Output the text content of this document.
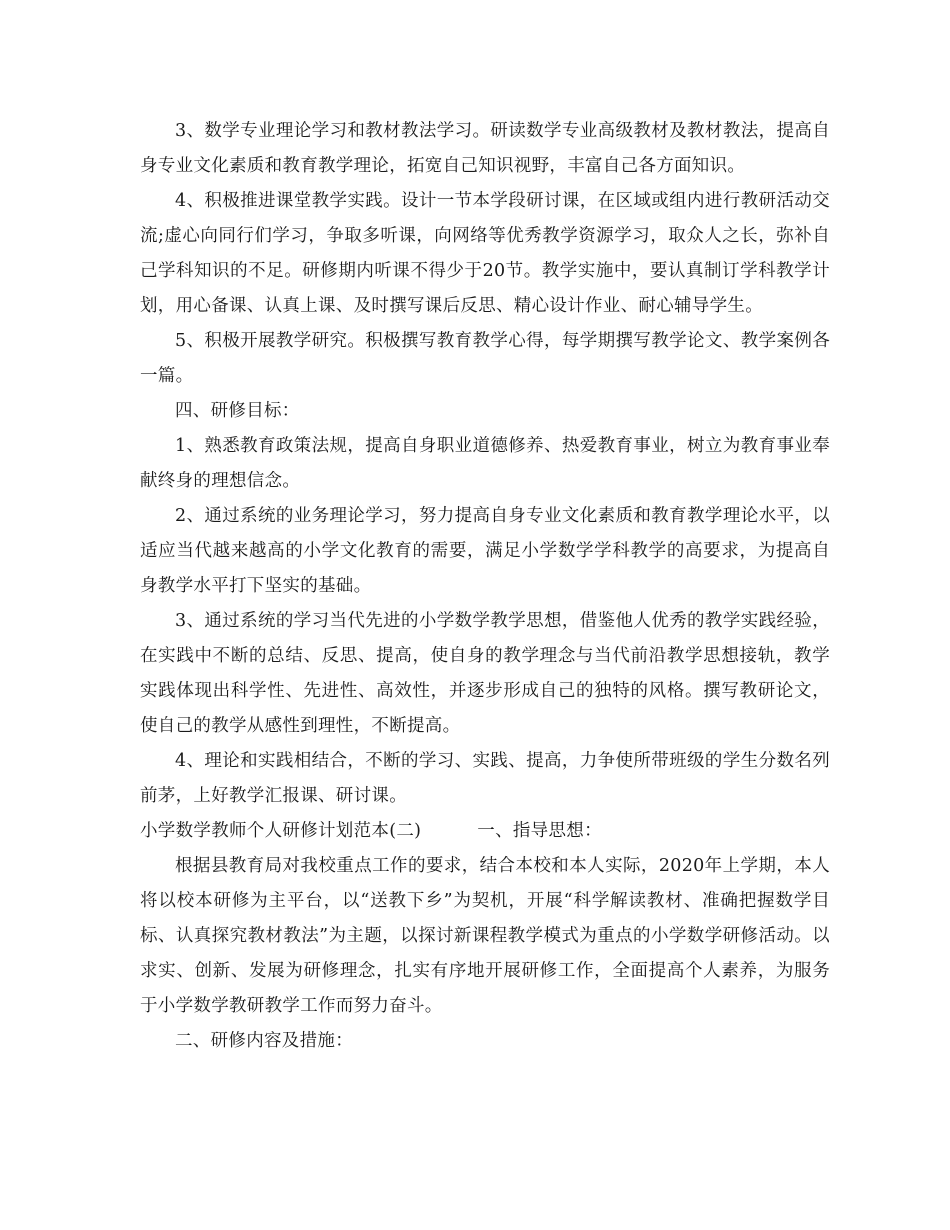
3、数学专业理论学习和教材教法学习。研读数学专业高级教材及教材教法，提高自身专业文化素质和教育教学理论，拓宽自己知识视野，丰富自己各方面知识。

4、积极推进课堂教学实践。设计一节本学段研讨课，在区域或组内进行教研活动交流;虚心向同行们学习，争取多听课，向网络等优秀教学资源学习，取众人之长，弥补自己学科知识的不足。研修期内听课不得少于20节。教学实施中，要认真制订学科教学计划，用心备课、认真上课、及时撰写课后反思、精心设计作业、耐心辅导学生。

5、积极开展教学研究。积极撰写教育教学心得，每学期撰写教学论文、教学案例各一篇。

四、研修目标：

1、熟悉教育政策法规，提高自身职业道德修养、热爱教育事业，树立为教育事业奉献终身的理想信念。

2、通过系统的业务理论学习，努力提高自身专业文化素质和教育教学理论水平，以适应当代越来越高的小学文化教育的需要，满足小学数学学科教学的高要求，为提高自身教学水平打下坚实的基础。

3、通过系统的学习当代先进的小学数学教学思想，借鉴他人优秀的教学实践经验，在实践中不断的总结、反思、提高，使自身的教学理念与当代前沿教学思想接轨，教学实践体现出科学性、先进性、高效性，并逐步形成自己的独特的风格。撰写教研论文，使自己的教学从感性到理性，不断提高。

4、理论和实践相结合，不断的学习、实践、提高，力争使所带班级的学生分数名列前茅，上好教学汇报课、研讨课。

小学数学教师个人研修计划范本(二)	一、指导思想：

根据县教育局对我校重点工作的要求，结合本校和本人实际，2020年上学期，本人将以校本研修为主平台，以“送教下乡”为契机，开展“科学解读教材、准确把握数学目标、认真探究教材教法”为主题，以探讨新课程教学模式为重点的小学数学研修活动。以求实、创新、发展为研修理念，扎实有序地开展研修工作，全面提高个人素养，为服务于小学数学教研教学工作而努力奋斗。

二、研修内容及措施：
